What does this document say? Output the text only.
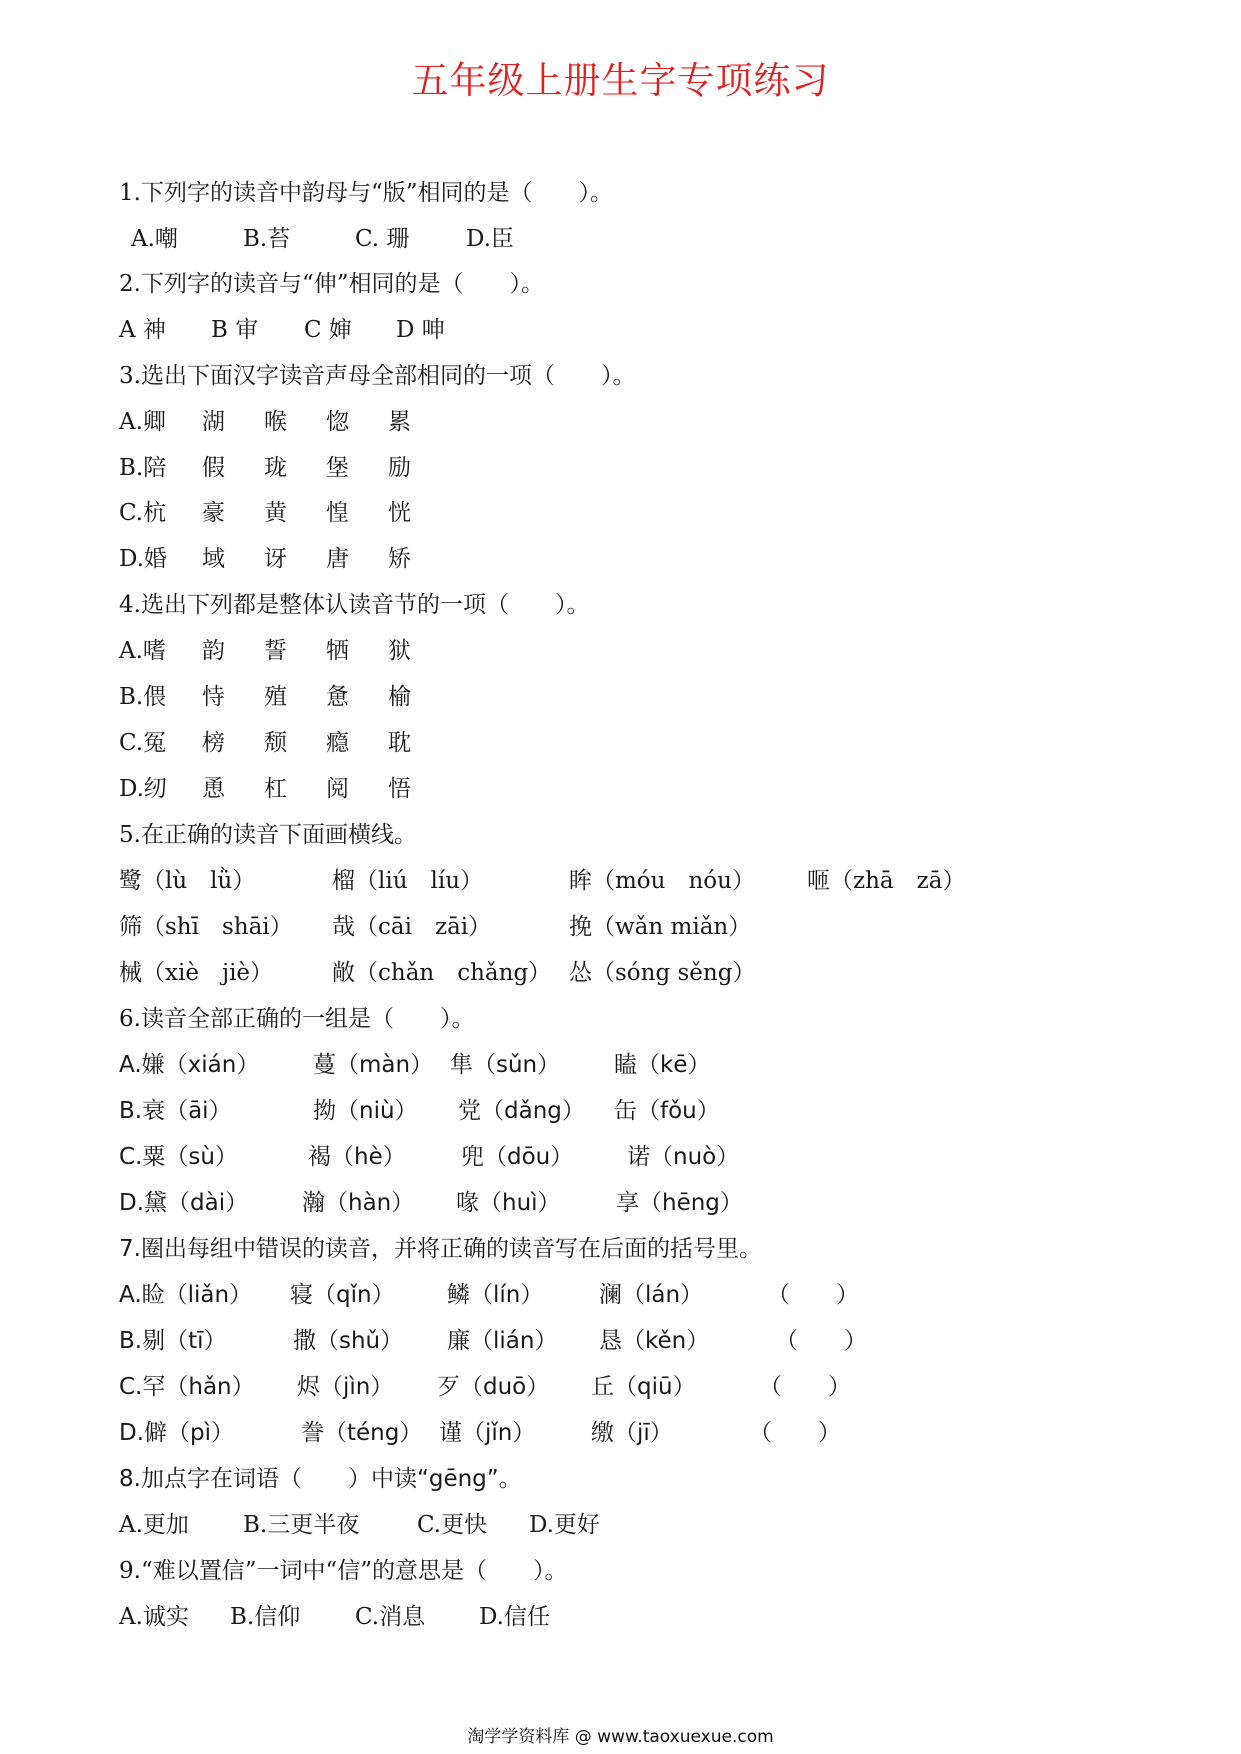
五年级上册生字专项练习
1.下列字的读音中韵母与“版”相同的是（　　）。
A.嘲	B.苔	C. 珊 D.臣
2.下列字的读音与“伸”相同的是（　　）。
A 神 B 审 C 婶 D 呻
3.选出下面汉字读音声母全部相同的一项（　　）。
A.卿 湖 喉 惚 累
B.陪 假 珑 堡 励
C.杭 豪 黄 惶 恍
D.婚 域 讶 唐 矫
4.选出下列都是整体认读音节的一项（　　）。
A.嗜 韵 誓 牺 狱
B.偎 恃 殖 惫 榆
C.冤 榜 颓 瘾 耽
D.纫 恿 杠 阅 悟
5.在正确的读音下面画横线。
鹭（lù　lǜ）	榴（liú　líu）	眸（móu　nóu） 咂（zhā　zā）
筛（shī　shāi） 哉（cāi　zāi）	挽（wǎn miǎn）
械（xiè　jiè）	敞（chǎn　chǎng） 怂（sóng sěng）
6.读音全部正确的一组是（　　）。
A.嫌（xián） 蔓（màn） 隼（sǔn） 瞌（kē）
B.衰（āi）	拗（niù） 党（dǎng） 缶（fǒu）
C.粟（sù）	褐（hè） 兜（dōu） 诺（nuò）
D.黛（dài） 瀚（hàn） 喙（huì） 享（hēng）
7.圈出每组中错误的读音，并将正确的读音写在后面的括号里。
A.睑（liǎn） 寝（qǐn） 鳞（lín） 澜（lán）	（　　）
B.剔（tī）	撒（shǔ） 廉（lián） 恳（kěn）	（　　）
C.罕（hǎn） 烬（jìn） 歹（duō） 丘（qiū）	（　　）
D.僻（pì）	誊（téng） 谨（jǐn） 缴（jī）	（　　）
8.加点字在词语（　　）中读“gēng”。
A.更加 B.三更半夜	C.更快 D.更好
9.“难以置信”一词中“信”的意思是（　　）。
A.诚实 B.信仰 C.消息 D.信任
淘学学资料库 @ www.taoxuexue.com
